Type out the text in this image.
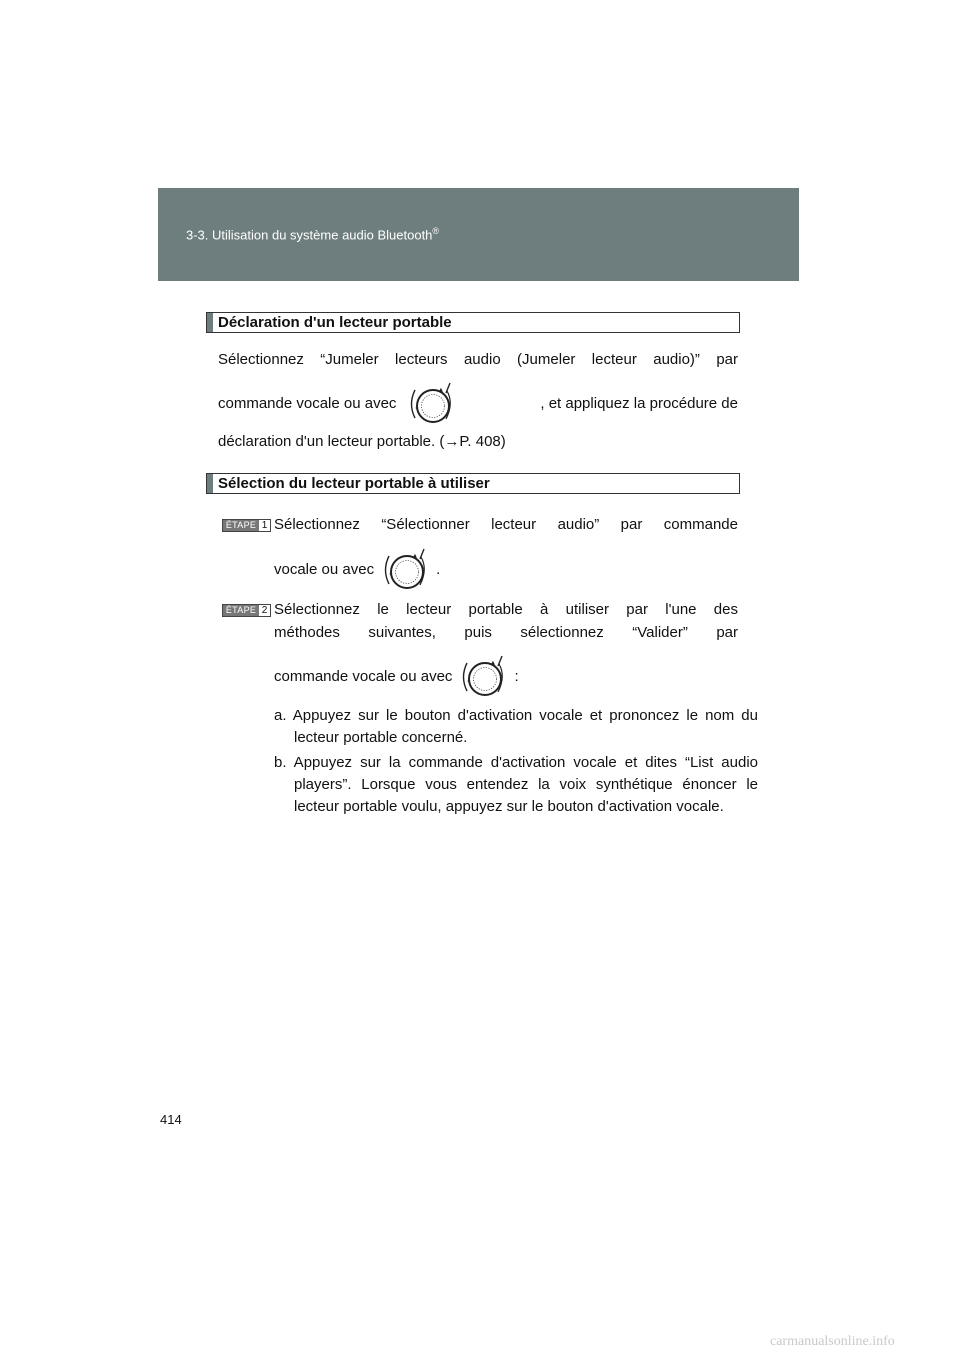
3-3. Utilisation du système audio Bluetooth®
Déclaration d'un lecteur portable
Sélectionnez “Jumeler lecteurs audio (Jumeler lecteur audio)” par
commande vocale ou avec
▲
↓	, et appliquez la procédure de
déclaration d'un lecteur portable. (→P. 408)
Sélection du lecteur portable à utiliser
ÉTAPE 1 Sélectionnez “Sélectionner lecteur audio” par commande
vocale ou avec
▲
↓	.
ÉTAPE 2 Sélectionnez le lecteur portable à utiliser par l'une des
méthodes suivantes, puis sélectionnez “Valider” par
commande vocale ou avec
▲
↓	:
a. Appuyez sur le bouton d'activation vocale et prononcez le nom du lecteur portable concerné.
b. Appuyez sur la commande d'activation vocale et dites “List audio players”. Lorsque vous entendez la voix synthétique énoncer le lecteur portable voulu, appuyez sur le bouton d'activation vocale.
414
carmanualsonline.info
